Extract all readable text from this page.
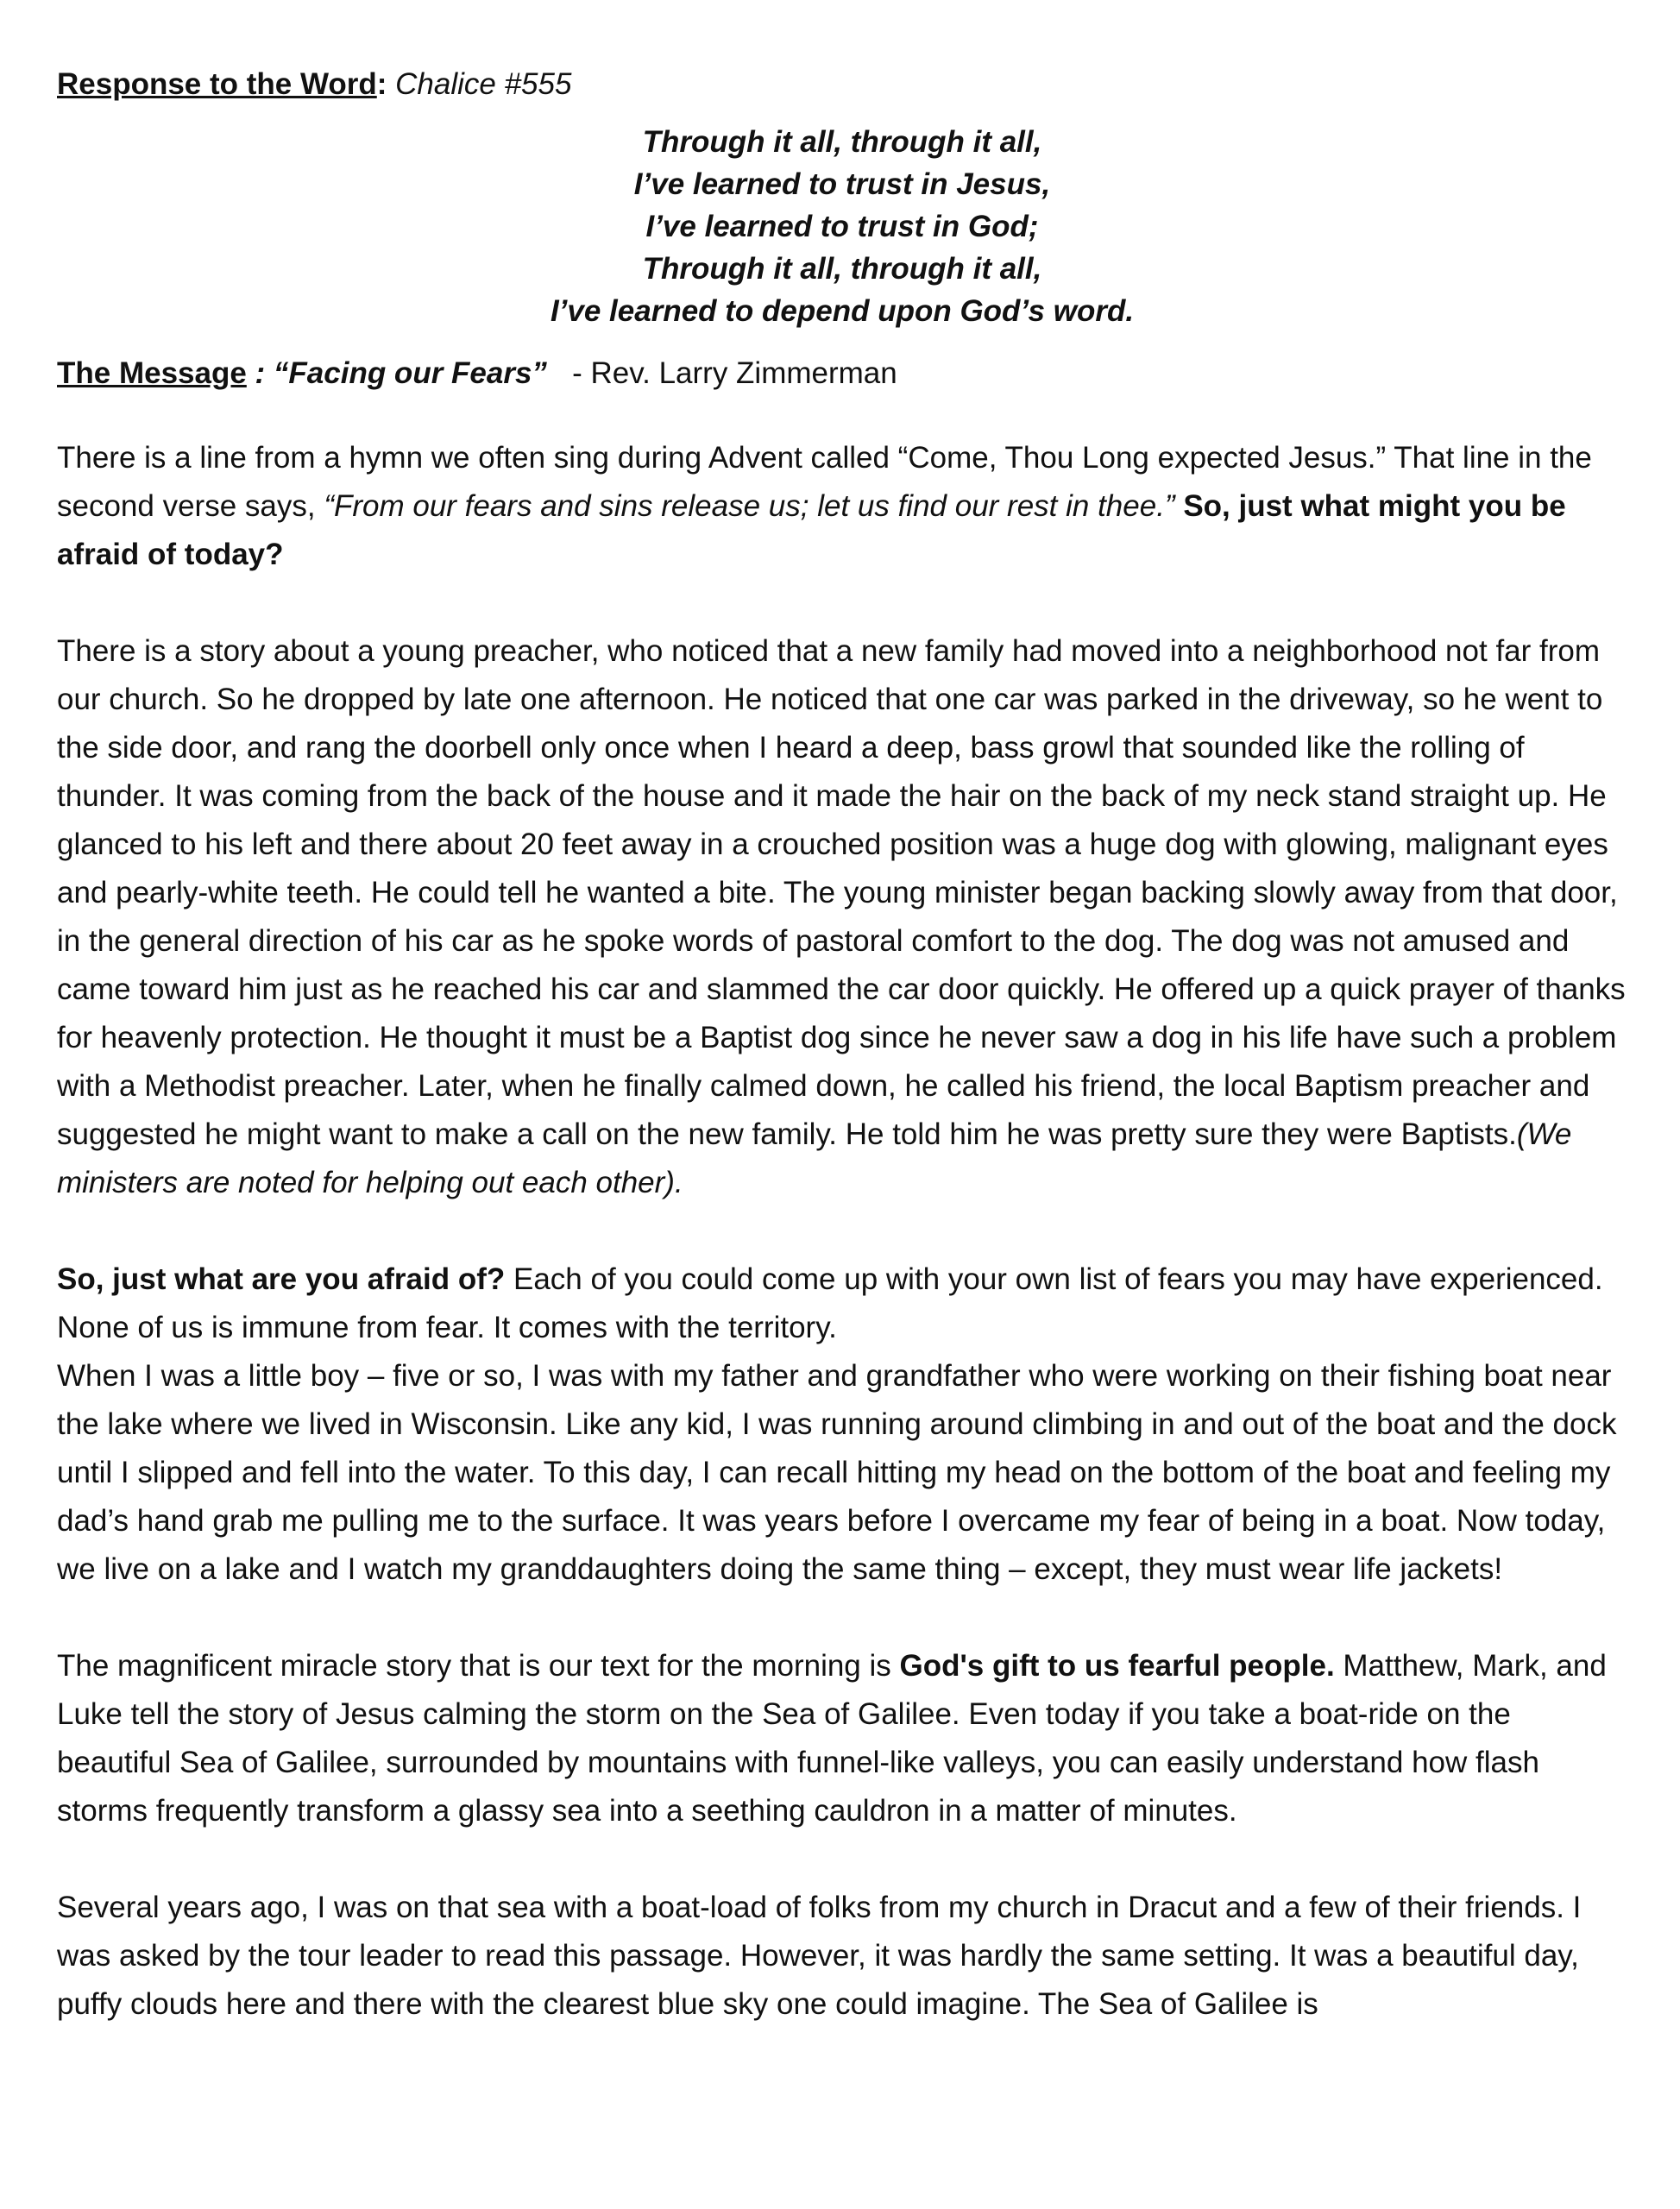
Response to the Word: Chalice #555

Through it all, through it all,
I’ve learned to trust in Jesus,
I’ve learned to trust in God;
Through it all, through it all,
I’ve learned to depend upon God’s word.

The Message : “Facing our Fears”   - Rev. Larry Zimmerman

There is a line from a hymn we often sing during Advent called “Come, Thou Long expected Jesus.” That line in the second verse says, “From our fears and sins release us; let us find our rest in thee.” So, just what might you be afraid of today?

There is a story about a young preacher, who noticed that a new family had moved into a neighborhood not far from our church. So he dropped by late one afternoon. He noticed that one car was parked in the driveway, so he went to the side door, and rang the doorbell only once when I heard a deep, bass growl that sounded like the rolling of thunder. It was coming from the back of the house and it made the hair on the back of my neck stand straight up. He glanced to his left and there about 20 feet away in a crouched position was a huge dog with glowing, malignant eyes and pearly-white teeth. He could tell he wanted a bite. The young minister began backing slowly away from that door, in the general direction of his car as he spoke words of pastoral comfort to the dog. The dog was not amused and came toward him just as he reached his car and slammed the car door quickly. He offered up a quick prayer of thanks for heavenly protection. He thought it must be a Baptist dog since he never saw a dog in his life have such a problem with a Methodist preacher. Later, when he finally calmed down, he called his friend, the local Baptism preacher and suggested he might want to make a call on the new family. He told him he was pretty sure they were Baptists.(We ministers are noted for helping out each other).

So, just what are you afraid of? Each of you could come up with your own list of fears you may have experienced. None of us is immune from fear. It comes with the territory.

When I was a little boy – five or so, I was with my father and grandfather who were working on their fishing boat near the lake where we lived in Wisconsin. Like any kid, I was running around climbing in and out of the boat and the dock until I slipped and fell into the water. To this day, I can recall hitting my head on the bottom of the boat and feeling my dad’s hand grab me pulling me to the surface. It was years before I overcame my fear of being in a boat. Now today, we live on a lake and I watch my granddaughters doing the same thing – except, they must wear life jackets!

The magnificent miracle story that is our text for the morning is God's gift to us fearful people. Matthew, Mark, and Luke tell the story of Jesus calming the storm on the Sea of Galilee. Even today if you take a boat-ride on the beautiful Sea of Galilee, surrounded by mountains with funnel-like valleys, you can easily understand how flash storms frequently transform a glassy sea into a seething cauldron in a matter of minutes.

Several years ago, I was on that sea with a boat-load of folks from my church in Dracut and a few of their friends. I was asked by the tour leader to read this passage. However, it was hardly the same setting. It was a beautiful day, puffy clouds here and there with the clearest blue sky one could imagine. The Sea of Galilee is
